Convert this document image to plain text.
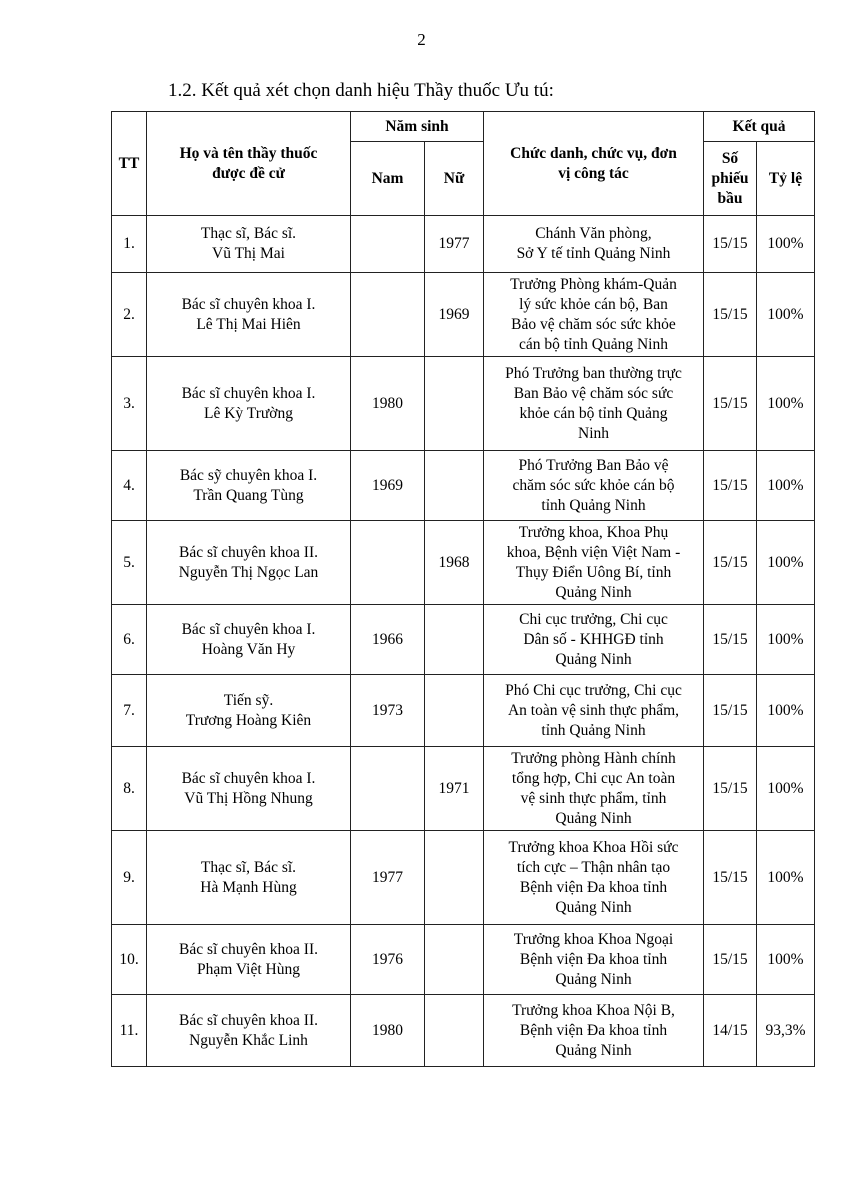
2
1.2. Kết quả xét chọn danh hiệu Thầy thuốc Ưu tú:
TT	Họ và tên thầy thuốc
được đề cử	Năm sinh		Chức danh, chức vụ, đơn
vị công tác	Kết quả	
		Nam	Nữ		Số
phiếu
bầu	Tỷ lệ
1.	Thạc sĩ, Bác sĩ.
Vũ Thị Mai		1977	Chánh Văn phòng,
Sở Y tế tỉnh Quảng Ninh	15/15	100%
2.	Bác sĩ chuyên khoa I.
Lê Thị Mai Hiên		1969	Trưởng Phòng khám-Quản
lý sức khỏe cán bộ, Ban
Bảo vệ chăm sóc sức khỏe
cán bộ tỉnh Quảng Ninh	15/15	100%
3.	Bác sĩ chuyên khoa I.
Lê Kỳ Trường	1980		Phó Trưởng ban thường trực
Ban Bảo vệ chăm sóc sức
khỏe cán bộ tỉnh Quảng
Ninh	15/15	100%
4.	Bác sỹ chuyên khoa I.
Trần Quang Tùng	1969		Phó Trưởng Ban Bảo vệ
chăm sóc sức khỏe cán bộ
tỉnh Quảng Ninh	15/15	100%
5.	Bác sĩ chuyên khoa II.
Nguyễn Thị Ngọc Lan		1968	Trưởng khoa, Khoa Phụ
khoa, Bệnh viện Việt Nam -
Thụy Điển Uông Bí, tỉnh
Quảng Ninh	15/15	100%
6.	Bác sĩ chuyên khoa I.
Hoàng Văn Hy	1966		Chi cục trưởng, Chi cục
Dân số - KHHGĐ tỉnh
Quảng Ninh	15/15	100%
7.	Tiến sỹ.
Trương Hoàng Kiên	1973		Phó Chi cục trưởng, Chi cục
An toàn vệ sinh thực phẩm,
tỉnh Quảng Ninh	15/15	100%
8.	Bác sĩ chuyên khoa I.
Vũ Thị Hồng Nhung		1971	Trưởng phòng Hành chính
tổng hợp, Chi cục An toàn
vệ sinh thực phẩm, tỉnh
Quảng Ninh	15/15	100%
9.	Thạc sĩ, Bác sĩ.
Hà Mạnh Hùng	1977		Trưởng khoa Khoa Hồi sức
tích cực – Thận nhân tạo
Bệnh viện Đa khoa tỉnh
Quảng Ninh	15/15	100%
10.	Bác sĩ chuyên khoa II.
Phạm Việt Hùng	1976		Trưởng khoa Khoa Ngoại
Bệnh viện Đa khoa tỉnh
Quảng Ninh	15/15	100%
11.	Bác sĩ chuyên khoa II.
Nguyễn Khắc Linh	1980		Trưởng khoa Khoa Nội B,
Bệnh viện Đa khoa tỉnh
Quảng Ninh	14/15	93,3%
